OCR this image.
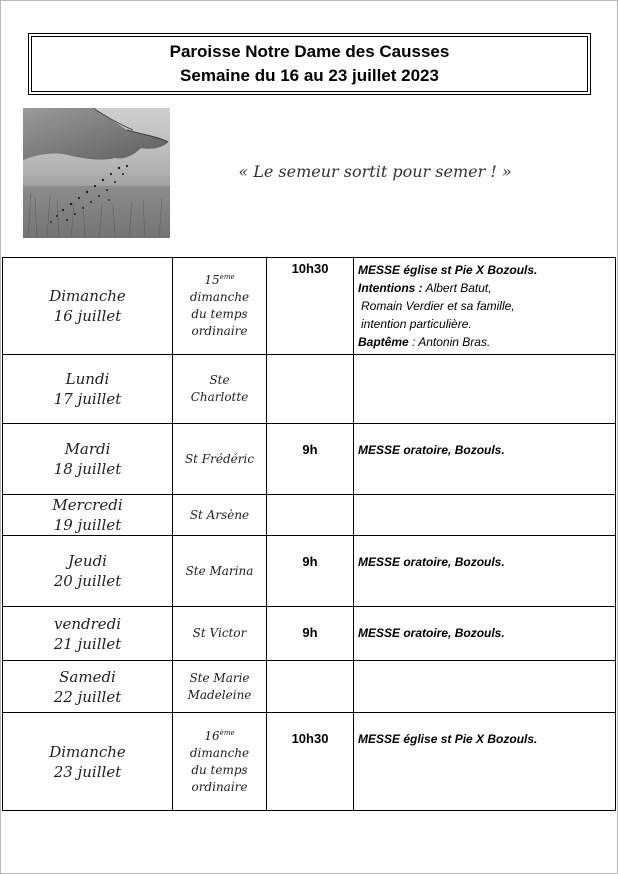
Paroisse Notre Dame des Causses
Semaine du 16 au 23 juillet 2023
« Le semeur sortit pour semer ! »
Dimanche
16 juillet	15ème
dimanche
du temps
ordinaire	10h30	MESSE église st Pie X Bozouls.
Intentions : Albert Batut,
Romain Verdier et sa famille,
intention particulière.
Baptême : Antonin Bras.

Lundi
17 juillet	Ste
Charlotte		

Mardi
18 juillet	St Frédéric	9h	MESSE oratoire, Bozouls.

Mercredi
19 juillet	St Arsène		

Jeudi
20 juillet	Ste Marina	9h	MESSE oratoire, Bozouls.

vendredi
21 juillet	St Victor	9h	MESSE oratoire, Bozouls.

Samedi
22 juillet	Ste Marie
Madeleine		

Dimanche
23 juillet	16ème
dimanche
du temps
ordinaire	10h30	MESSE église st Pie X Bozouls.
